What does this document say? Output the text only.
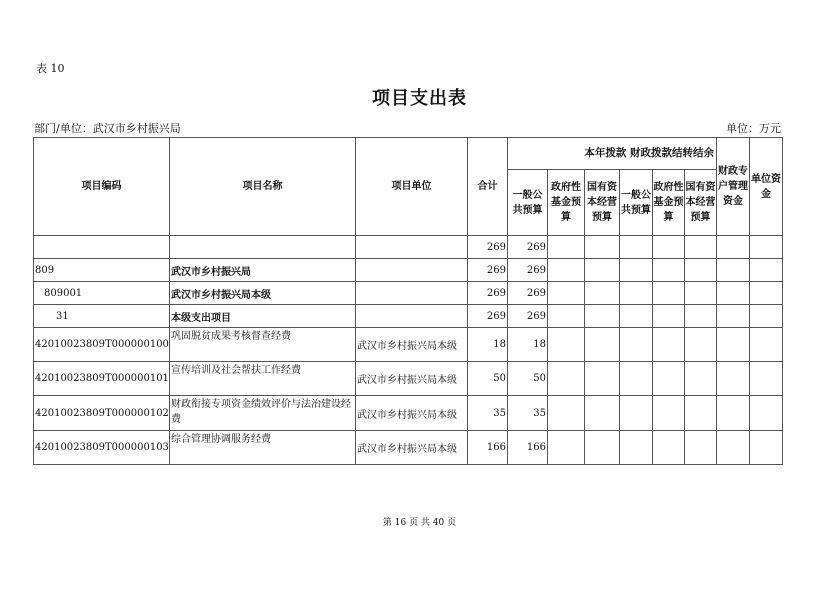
表 10
项目支出表
部门/单位：武汉市乡村振兴局	单位：万元
项目编码	项目名称	项目单位	合计	本年拨款 财政拨款结转结余						财政专户管理资金	单位资金
				一般公共预算	政府性基金预算	国有资本经营预算	一般公共预算	政府性基金预算	国有资本经营预算		
			269	269							
809	武汉市乡村振兴局		269	269							
809001	武汉市乡村振兴局本级		269	269							
31	本级支出项目		269	269							
42010023809T000000100	巩固脱贫成果考核督查经费	武汉市乡村振兴局本级	18	18							
42010023809T000000101	宣传培训及社会帮扶工作经费	武汉市乡村振兴局本级	50	50							
42010023809T000000102	财政衔接专项资金绩效评价与法治建设经费	武汉市乡村振兴局本级	35	35							
42010023809T000000103	综合管理协调服务经费	武汉市乡村振兴局本级	166	166							
第 16 页 共 40 页
